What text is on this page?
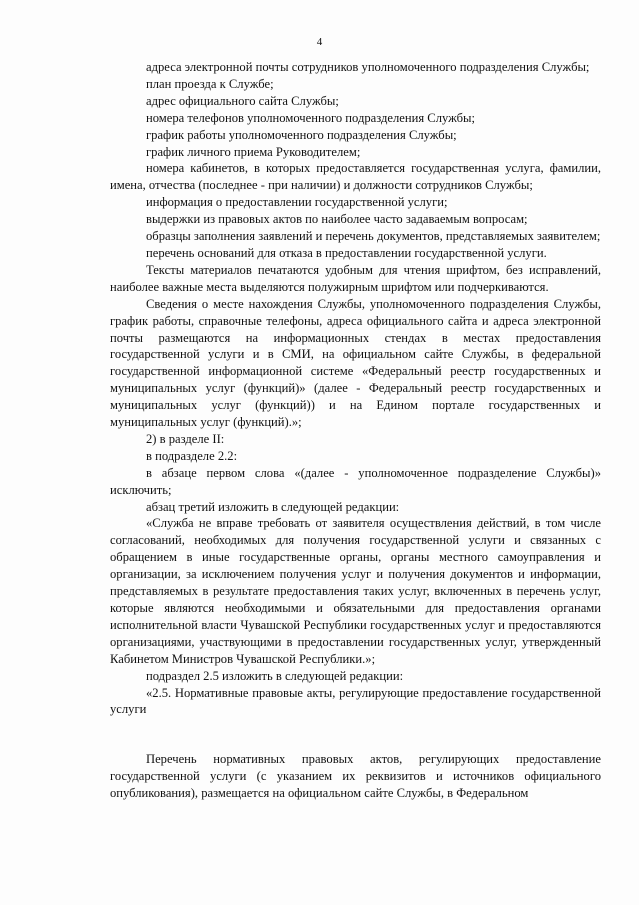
4

адреса электронной почты сотрудников уполномоченного подразделения Службы;

план проезда к Службе;

адрес официального сайта Службы;

номера телефонов уполномоченного подразделения Службы;

график работы уполномоченного подразделения Службы;

график личного приема Руководителем;

номера кабинетов, в которых предоставляется государственная услуга, фамилии, имена, отчества (последнее - при наличии) и должности сотрудников Службы;

информация о предоставлении государственной услуги;

выдержки из правовых актов по наиболее часто задаваемым вопросам;

образцы заполнения заявлений и перечень документов, представляемых заявителем;

перечень оснований для отказа в предоставлении государственной услуги.

Тексты материалов печатаются удобным для чтения шрифтом, без исправлений, наиболее важные места выделяются полужирным шрифтом или подчеркиваются.

Сведения о месте нахождения Службы, уполномоченного подразделения Службы, график работы, справочные телефоны, адреса официального сайта и адреса электронной почты размещаются на информационных стендах в местах предоставления государственной услуги и в СМИ, на официальном сайте Службы, в федеральной государственной информационной системе «Федеральный реестр государственных и муниципальных услуг (функций)» (далее - Федеральный реестр государственных и муниципальных услуг (функций)) и на Едином портале государственных и муниципальных услуг (функций).»;

2) в разделе II:

в подразделе 2.2:

в абзаце первом слова «(далее - уполномоченное подразделение Службы)» исключить;

абзац третий изложить в следующей редакции:

«Служба не вправе требовать от заявителя осуществления действий, в том числе согласований, необходимых для получения государственной услуги и связанных с обращением в иные государственные органы, органы местного самоуправления и организации, за исключением получения услуг и получения документов и информации, представляемых в результате предоставления таких услуг, включенных в перечень услуг, которые являются необходимыми и обязательными для предоставления органами исполнительной власти Чувашской Республики государственных услуг и предоставляются организациями, участвующими в предоставлении государственных услуг, утвержденный Кабинетом Министров Чувашской Республики.»;

подраздел 2.5 изложить в следующей редакции:

«2.5. Нормативные правовые акты, регулирующие предоставление государственной услуги

Перечень нормативных правовых актов, регулирующих предоставление государственной услуги (с указанием их реквизитов и источников официального опубликования), размещается на официальном сайте Службы, в Федеральном
